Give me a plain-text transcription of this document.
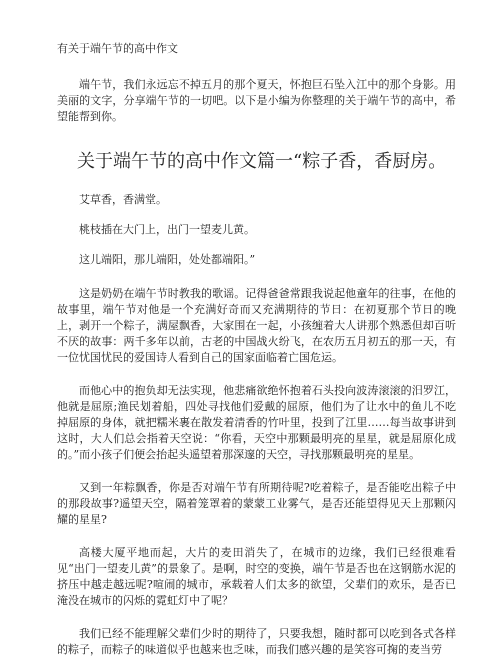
有关于端午节的高中作文

端午节，我们永远忘不掉五月的那个夏天，怀抱巨石坠入江中的那个身影。用美丽的文字，分享端午节的一切吧。以下是小编为你整理的关于端午节的高中，希望能帮到你。

关于端午节的高中作文篇一“粽子香，香厨房。
艾草香，香满堂。
桃枝插在大门上，出门一望麦儿黄。
这儿端阳，那儿端阳，处处都端阳。”

这是奶奶在端午节时教我的歌谣。记得爸爸常跟我说起他童年的往事，在他的故事里，端午节对他是一个充满好奇而又充满期待的节日：在初夏那个节日的晚上，剥开一个粽子，满屋飘香，大家围在一起，小孩缠着大人讲那个熟悉但却百听不厌的故事：两千多年以前，古老的中国战火纷飞，在农历五月初五的那一天，有一位忧国忧民的爱国诗人看到自己的国家面临着亡国危运。

而他心中的抱负却无法实现，他悲痛欲绝怀抱着石头投向波涛滚滚的汨罗江，他就是屈原;渔民划着船，四处寻找他们爱戴的屈原，他们为了让水中的鱼儿不吃掉屈原的身体，就把糯米裹在散发着清香的竹叶里，投到了江里……每当故事讲到这时，大人们总会指着天空说：“你看，天空中那颗最明亮的星星，就是屈原化成的。”而小孩子们便会抬起头遥望着那深邃的天空，寻找那颗最明亮的星星。

又到一年粽飘香，你是否对端午节有所期待呢?吃着粽子，是否能吃出粽子中的那段故事?遥望天空，隔着笼罩着的蒙蒙工业雾气，是否还能望得见天上那颗闪耀的星星?

高楼大厦平地而起，大片的麦田消失了，在城市的边缘，我们已经很难看见“出门一望麦儿黄”的景象了。是啊，时空的变换，端午节是否也在这钢筋水泥的挤压中越走越远呢?喧闹的城市，承载着人们太多的欲望，父辈们的欢乐，是否已淹没在城市的闪烁的霓虹灯中了呢？

我们已经不能理解父辈们少时的期待了，只要我想，随时都可以吃到各式各样的粽子，而粽子的味道似乎也越来也乏味，而我们感兴趣的是笑容可掬的麦当劳
